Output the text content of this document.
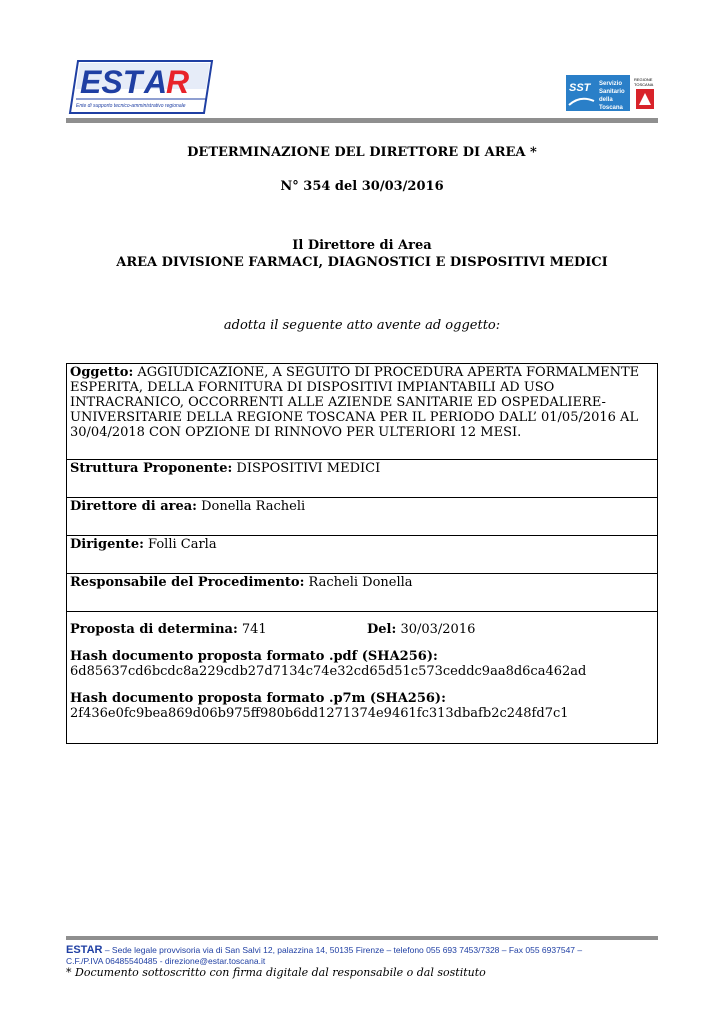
EST A
R
Ente di supporto tecnico-amministrativo regionale
SST Servizio
Sanitario
della
Toscana
REGIONE
TOSCANA
DETERMINAZIONE DEL DIRETTORE DI AREA *
N° 354 del 30/03/2016
Il Direttore di Area
AREA DIVISIONE FARMACI, DIAGNOSTICI E DISPOSITIVI MEDICI
adotta il seguente atto avente ad oggetto:
Oggetto: AGGIUDICAZIONE, A SEGUITO DI PROCEDURA APERTA FORMALMENTE ESPERITA, DELLA FORNITURA DI DISPOSITIVI IMPIANTABILI AD USO INTRACRANICO, OCCORRENTI ALLE AZIENDE SANITARIE ED OSPEDALIERE-UNIVERSITARIE DELLA REGIONE TOSCANA PER IL PERIODO DALL’ 01/05/2016 AL 30/04/2018 CON OPZIONE DI RINNOVO PER ULTERIORI 12 MESI.
Struttura Proponente: DISPOSITIVI MEDICI
Direttore di area: Donella Racheli
Dirigente: Folli Carla
Responsabile del Procedimento: Racheli Donella
Proposta di determina: 741	Del: 30/03/2016
Hash documento proposta formato .pdf (SHA256):
6d85637cd6bcdc8a229cdb27d7134c74e32cd65d51c573ceddc9aa8d6ca462ad
Hash documento proposta formato .p7m (SHA256):
2f436e0fc9bea869d06b975ff980b6dd1271374e9461fc313dbafb2c248fd7c1
ESTAR – Sede legale provvisoria via di San Salvi 12, palazzina 14, 50135 Firenze – telefono 055 693 7453/7328 – Fax 055 6937547 –
C.F./P.IVA 06485540485 - direzione@estar.toscana.it
* Documento sottoscritto con firma digitale dal responsabile o dal sostituto
